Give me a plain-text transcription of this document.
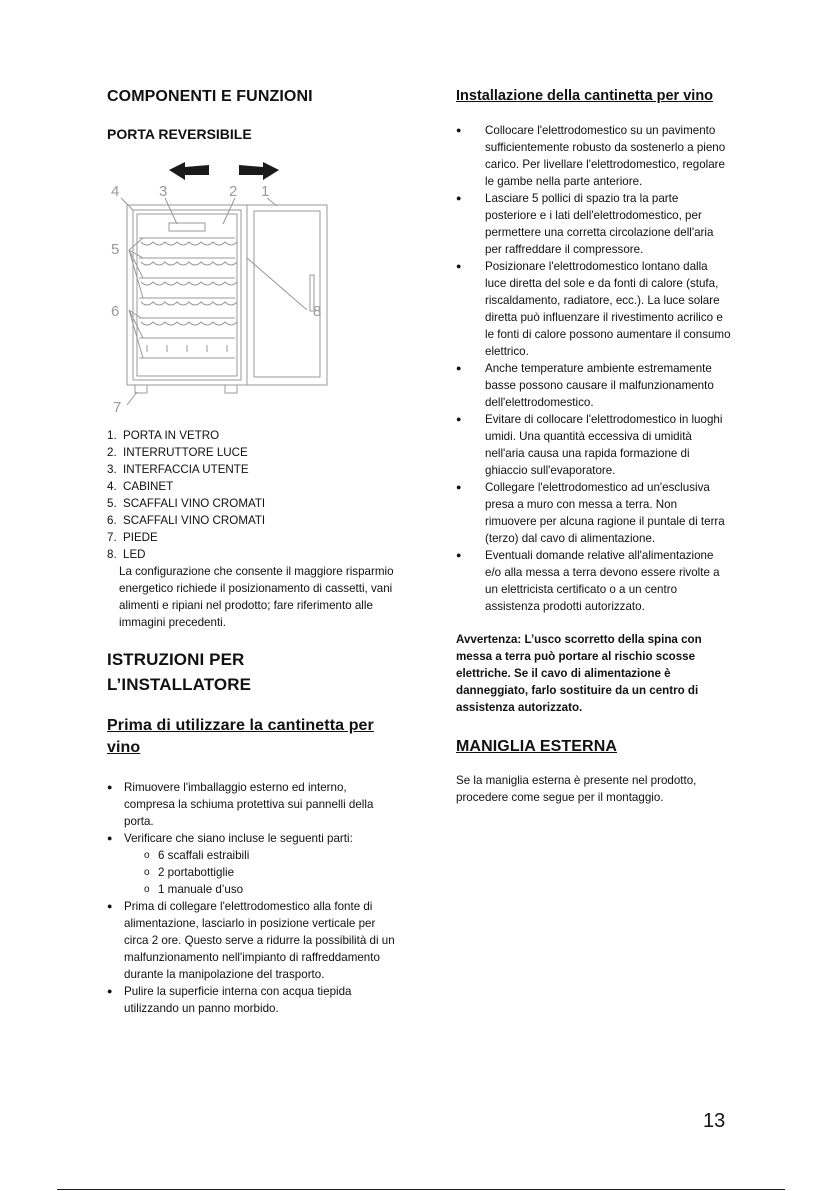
COMPONENTI E FUNZIONI
PORTA REVERSIBILE
4	3	2 1
5
6	8
7
1. PORTA IN VETRO
2. INTERRUTTORE LUCE
3. INTERFACCIA UTENTE
4. CABINET
5. SCAFFALI VINO CROMATI
6. SCAFFALI VINO CROMATI
7. PIEDE
8. LED

La configurazione che consente il maggiore risparmio energetico richiede il posizionamento di cassetti, vani alimenti e ripiani nel prodotto; fare riferimento alle immagini precedenti.

ISTRUZIONI PER
L’INSTALLATORE
Prima di utilizzare la cantinetta per vino
● Rimuovere l'imballaggio esterno ed interno, compresa la schiuma protettiva sui pannelli della porta.
● Verificare che siano incluse le seguenti parti:
o 6 scaffali estraibili
o 2 portabottiglie
o 1 manuale d’uso
● Prima di collegare l'elettrodomestico alla fonte di alimentazione, lasciarlo in posizione verticale per circa 2 ore. Questo serve a ridurre la possibilità di un malfunzionamento nell'impianto di raffreddamento durante la manipolazione del trasporto.
● Pulire la superficie interna con acqua tiepida utilizzando un panno morbido.
Installazione della cantinetta per vino
●	Collocare l'elettrodomestico su un pavimento sufficientemente robusto da sostenerlo a pieno carico. Per livellare l'elettrodomestico, regolare le gambe nella parte anteriore.
●	Lasciare 5 pollici di spazio tra la parte posteriore e i lati dell'elettrodomestico, per permettere una corretta circolazione dell'aria per raffreddare il compressore.
●	Posizionare l'elettrodomestico lontano dalla luce diretta del sole e da fonti di calore (stufa, riscaldamento, radiatore, ecc.). La luce solare diretta può influenzare il rivestimento acrilico e le fonti di calore possono aumentare il consumo elettrico.
●	Anche temperature ambiente estremamente basse possono causare il malfunzionamento dell'elettrodomestico.
●	Evitare di collocare l'elettrodomestico in luoghi umidi. Una quantità eccessiva di umidità nell'aria causa una rapida formazione di ghiaccio sull'evaporatore.
●	Collegare l'elettrodomestico ad un'esclusiva presa a muro con messa a terra. Non rimuovere per alcuna ragione il puntale di terra (terzo) dal cavo di alimentazione.
●	Eventuali domande relative all'alimentazione e/o alla messa a terra devono essere rivolte a un elettricista certificato o a un centro assistenza prodotti autorizzato.

Avvertenza: L’usco scorretto della spina con messa a terra può portare al rischio scosse elettriche. Se il cavo di alimentazione è danneggiato, farlo sostituire da un centro di assistenza autorizzato.

MANIGLIA ESTERNA

Se la maniglia esterna è presente nel prodotto, procedere come segue per il montaggio.

13
